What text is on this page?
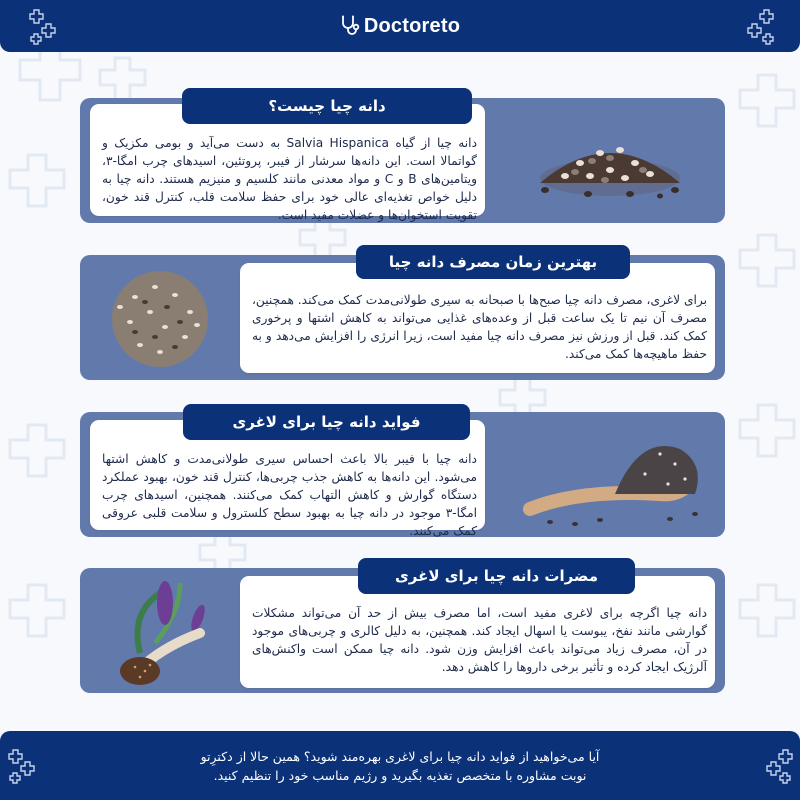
Doctoreto
دانه چیا از گیاه Salvia Hispanica به دست می‌آید و بومی مکزیک و گواتمالا است. این دانه‌ها سرشار از فیبر، پروتئین، اسیدهای چرب امگا-۳، ویتامین‌های B و C و مواد معدنی مانند کلسیم و منیزیم هستند. دانه چیا به دلیل خواص تغذیه‌ای عالی خود برای حفظ سلامت قلب، کنترل قند خون، تقویت استخوان‌ها و عضلات مفید است.
دانه چیا چیست؟
برای لاغری، مصرف دانه چیا صبح‌ها با صبحانه به سیری طولانی‌مدت کمک می‌کند. همچنین، مصرف آن نیم تا یک ساعت قبل از وعده‌های غذایی می‌تواند به کاهش اشتها و پرخوری کمک کند. قبل از ورزش نیز مصرف دانه چیا مفید است، زیرا انرژی را افزایش می‌دهد و به حفظ ماهیچه‌ها کمک می‌کند.
بهترین زمان مصرف دانه چیا
دانه چیا با فیبر بالا باعث احساس سیری طولانی‌مدت و کاهش اشتها می‌شود. این دانه‌ها به کاهش جذب چربی‌ها، کنترل قند خون، بهبود عملکرد دستگاه گوارش و کاهش التهاب کمک می‌کنند. همچنین، اسیدهای چرب امگا-۳ موجود در دانه چیا به بهبود سطح کلسترول و سلامت قلبی عروقی کمک می‌کنند.
فواید دانه چیا برای لاغری
دانه چیا اگرچه برای لاغری مفید است، اما مصرف بیش از حد آن می‌تواند مشکلات گوارشی مانند نفخ، یبوست یا اسهال ایجاد کند. همچنین، به دلیل کالری و چربی‌های موجود در آن، مصرف زیاد می‌تواند باعث افزایش وزن شود. دانه چیا ممکن است واکنش‌های آلرژیک ایجاد کرده و تأثیر برخی داروها را کاهش دهد.
مضرات دانه چیا برای لاغری
آیا می‌خواهید از فواید دانه چیا برای لاغری بهره‌مند شوید؟ همین حالا از دکترِتو
نوبت مشاوره با متخصص تغذیه بگیرید و رژیم مناسب خود را تنظیم کنید.
